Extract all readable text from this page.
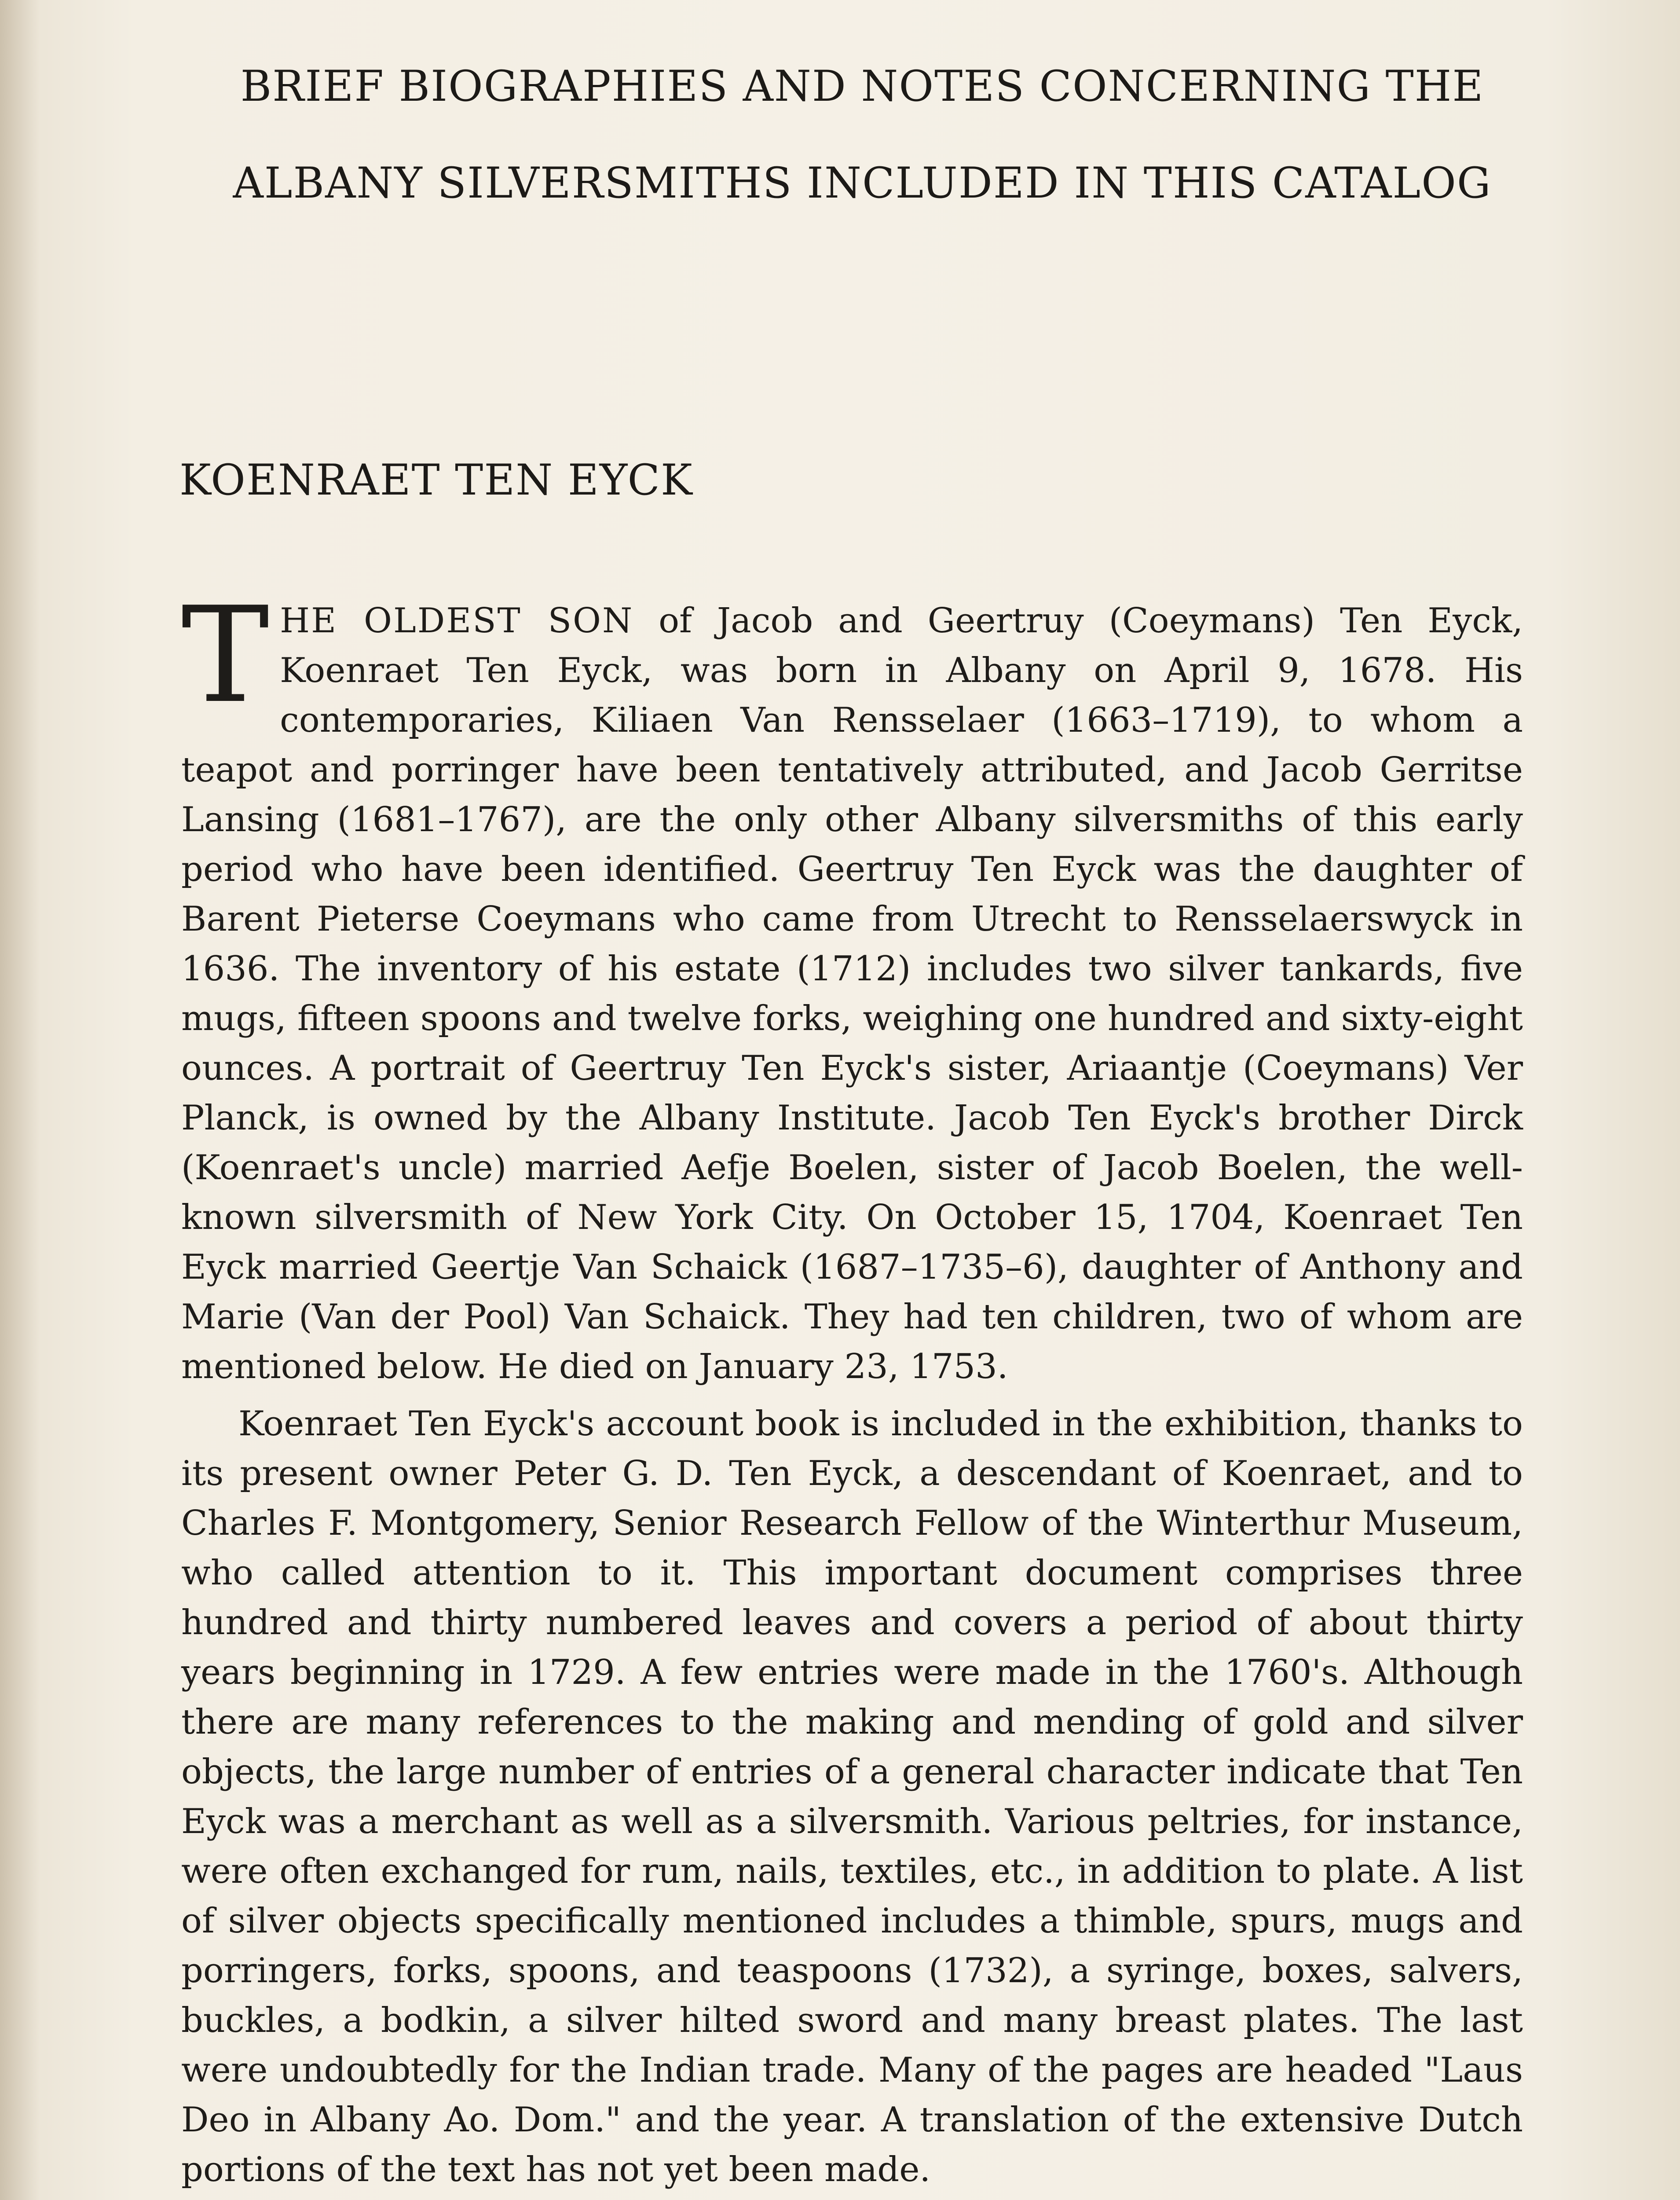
BRIEF BIOGRAPHIES AND NOTES CONCERNING THE
ALBANY SILVERSMITHS INCLUDED IN THIS CATALOG
KOENRAET TEN EYCK
THE OLDEST SON of Jacob and Geertruy (Coeymans) Ten Eyck, Koenraet Ten Eyck, was born in Albany on April 9, 1678. His contemporaries, Kiliaen Van Rensselaer (1663–1719), to whom a teapot and porringer have been tentatively attributed, and Jacob Gerritse Lansing (1681–1767), are the only other Albany silversmiths of this early period who have been identified. Geertruy Ten Eyck was the daughter of Barent Pieterse Coeymans who came from Utrecht to Rensselaerswyck in 1636. The inventory of his estate (1712) includes two silver tankards, five mugs, fifteen spoons and twelve forks, weighing one hundred and sixty-eight ounces. A portrait of Geertruy Ten Eyck's sister, Ariaantje (Coeymans) Ver Planck, is owned by the Albany Institute. Jacob Ten Eyck's brother Dirck (Koenraet's uncle) married Aefje Boelen, sister of Jacob Boelen, the well-known silversmith of New York City. On October 15, 1704, Koenraet Ten Eyck married Geertje Van Schaick (1687–1735–6), daughter of Anthony and Marie (Van der Pool) Van Schaick. They had ten children, two of whom are mentioned below. He died on January 23, 1753.
Koenraet Ten Eyck's account book is included in the exhibition, thanks to its present owner Peter G. D. Ten Eyck, a descendant of Koenraet, and to Charles F. Montgomery, Senior Research Fellow of the Winterthur Museum, who called attention to it. This important document comprises three hundred and thirty numbered leaves and covers a period of about thirty years beginning in 1729. A few entries were made in the 1760's. Although there are many references to the making and mending of gold and silver objects, the large number of entries of a general character indicate that Ten Eyck was a merchant as well as a silversmith. Various peltries, for instance, were often exchanged for rum, nails, textiles, etc., in addition to plate. A list of silver objects specifically mentioned includes a thimble, spurs, mugs and porringers, forks, spoons, and teaspoons (1732), a syringe, boxes, salvers, buckles, a bodkin, a silver hilted sword and many breast plates. The last were undoubtedly for the Indian trade. Many of the pages are headed "Laus Deo in Albany Ao. Dom." and the year. A translation of the extensive Dutch portions of the text has not yet been made.
